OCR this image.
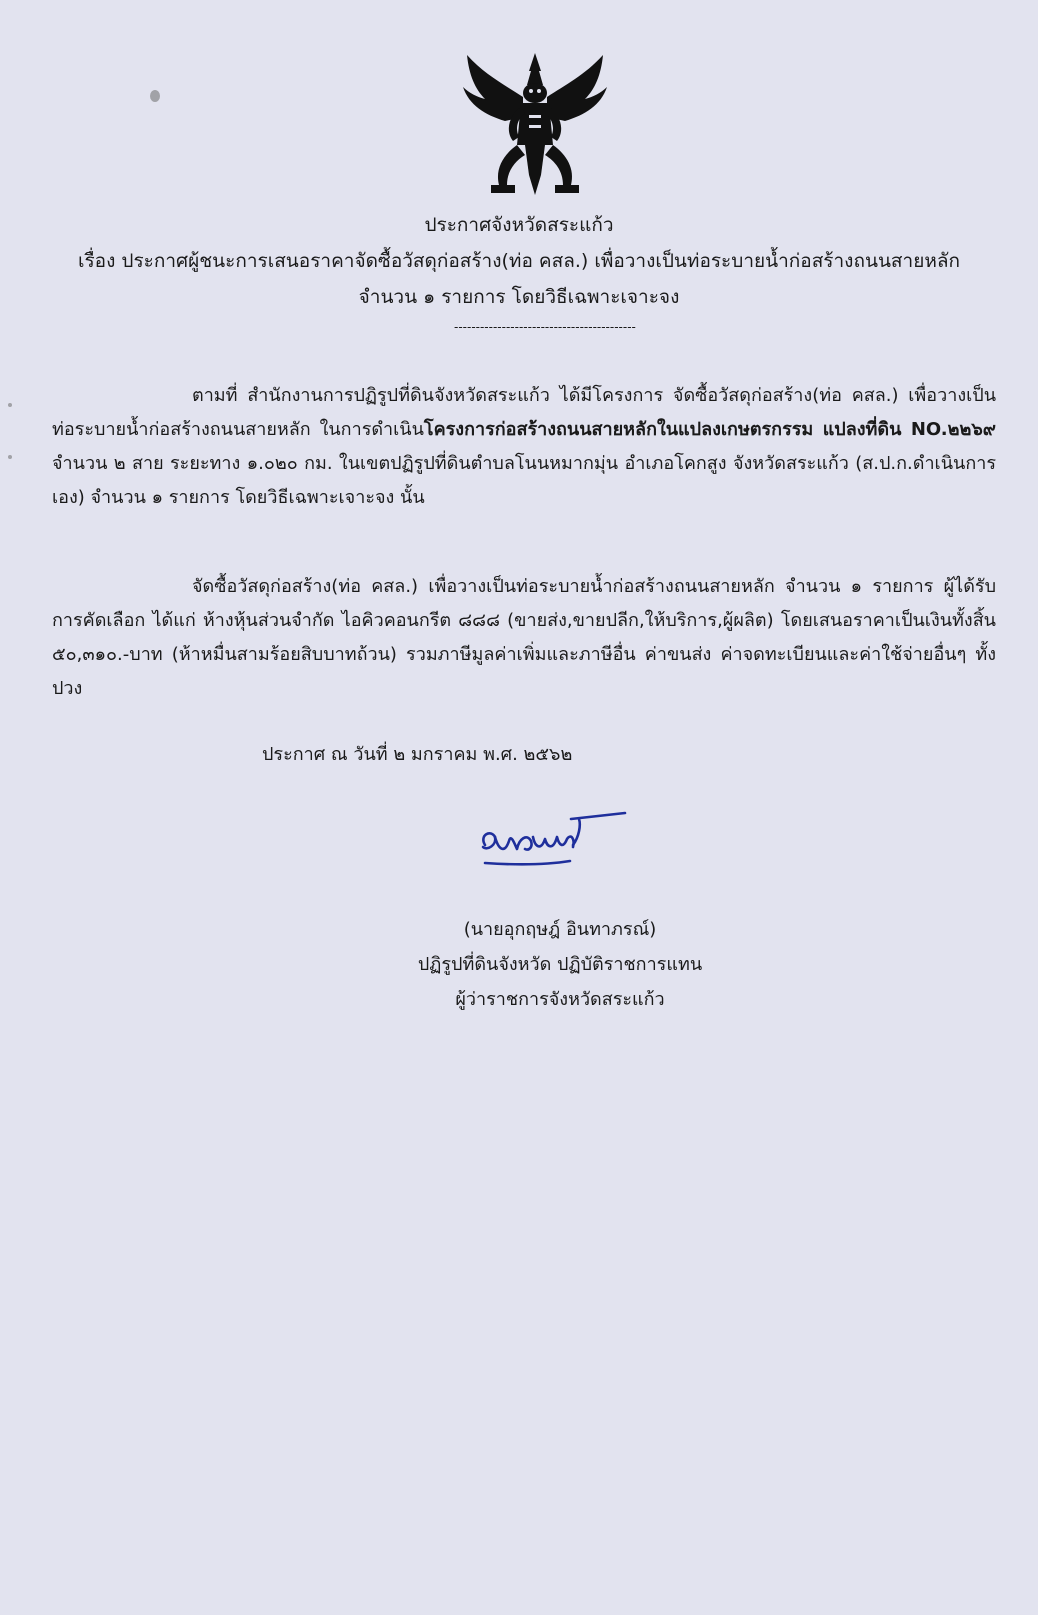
ประกาศจังหวัดสระแก้ว
เรื่อง ประกาศผู้ชนะการเสนอราคาจัดซื้อวัสดุก่อสร้าง(ท่อ คสล.) เพื่อวางเป็นท่อระบายน้ำก่อสร้างถนนสายหลัก
จำนวน ๑ รายการ โดยวิธีเฉพาะเจาะจง
------------------------------------------
ตามที่ สำนักงานการปฏิรูปที่ดินจังหวัดสระแก้ว ได้มีโครงการ จัดซื้อวัสดุก่อสร้าง(ท่อ คสล.) เพื่อวางเป็นท่อระบายน้ำก่อสร้างถนนสายหลัก ในการดำเนินโครงการก่อสร้างถนนสายหลักในแปลงเกษตรกรรม แปลงที่ดิน NO.๒๒๖๙ จำนวน ๒ สาย ระยะทาง ๑.๐๒๐ กม. ในเขตปฏิรูปที่ดินตำบลโนนหมากมุ่น อำเภอโคกสูง จังหวัดสระแก้ว (ส.ป.ก.ดำเนินการเอง) จำนวน ๑ รายการ โดยวิธีเฉพาะเจาะจง นั้น
จัดซื้อวัสดุก่อสร้าง(ท่อ คสล.) เพื่อวางเป็นท่อระบายน้ำก่อสร้างถนนสายหลัก จำนวน ๑ รายการ ผู้ได้รับการคัดเลือก ได้แก่ ห้างหุ้นส่วนจำกัด ไอคิวคอนกรีต ๘๘๘ (ขายส่ง,ขายปลีก,ให้บริการ,ผู้ผลิต) โดยเสนอราคาเป็นเงินทั้งสิ้น ๕๐,๓๑๐.-บาท (ห้าหมื่นสามร้อยสิบบาทถ้วน) รวมภาษีมูลค่าเพิ่มและภาษีอื่น ค่าขนส่ง ค่าจดทะเบียนและค่าใช้จ่ายอื่นๆ ทั้งปวง
ประกาศ ณ วันที่ ๒ มกราคม พ.ศ. ๒๕๖๒
(นายอุกฤษฎ์ อินทาภรณ์)
ปฏิรูปที่ดินจังหวัด ปฏิบัติราชการแทน
ผู้ว่าราชการจังหวัดสระแก้ว
